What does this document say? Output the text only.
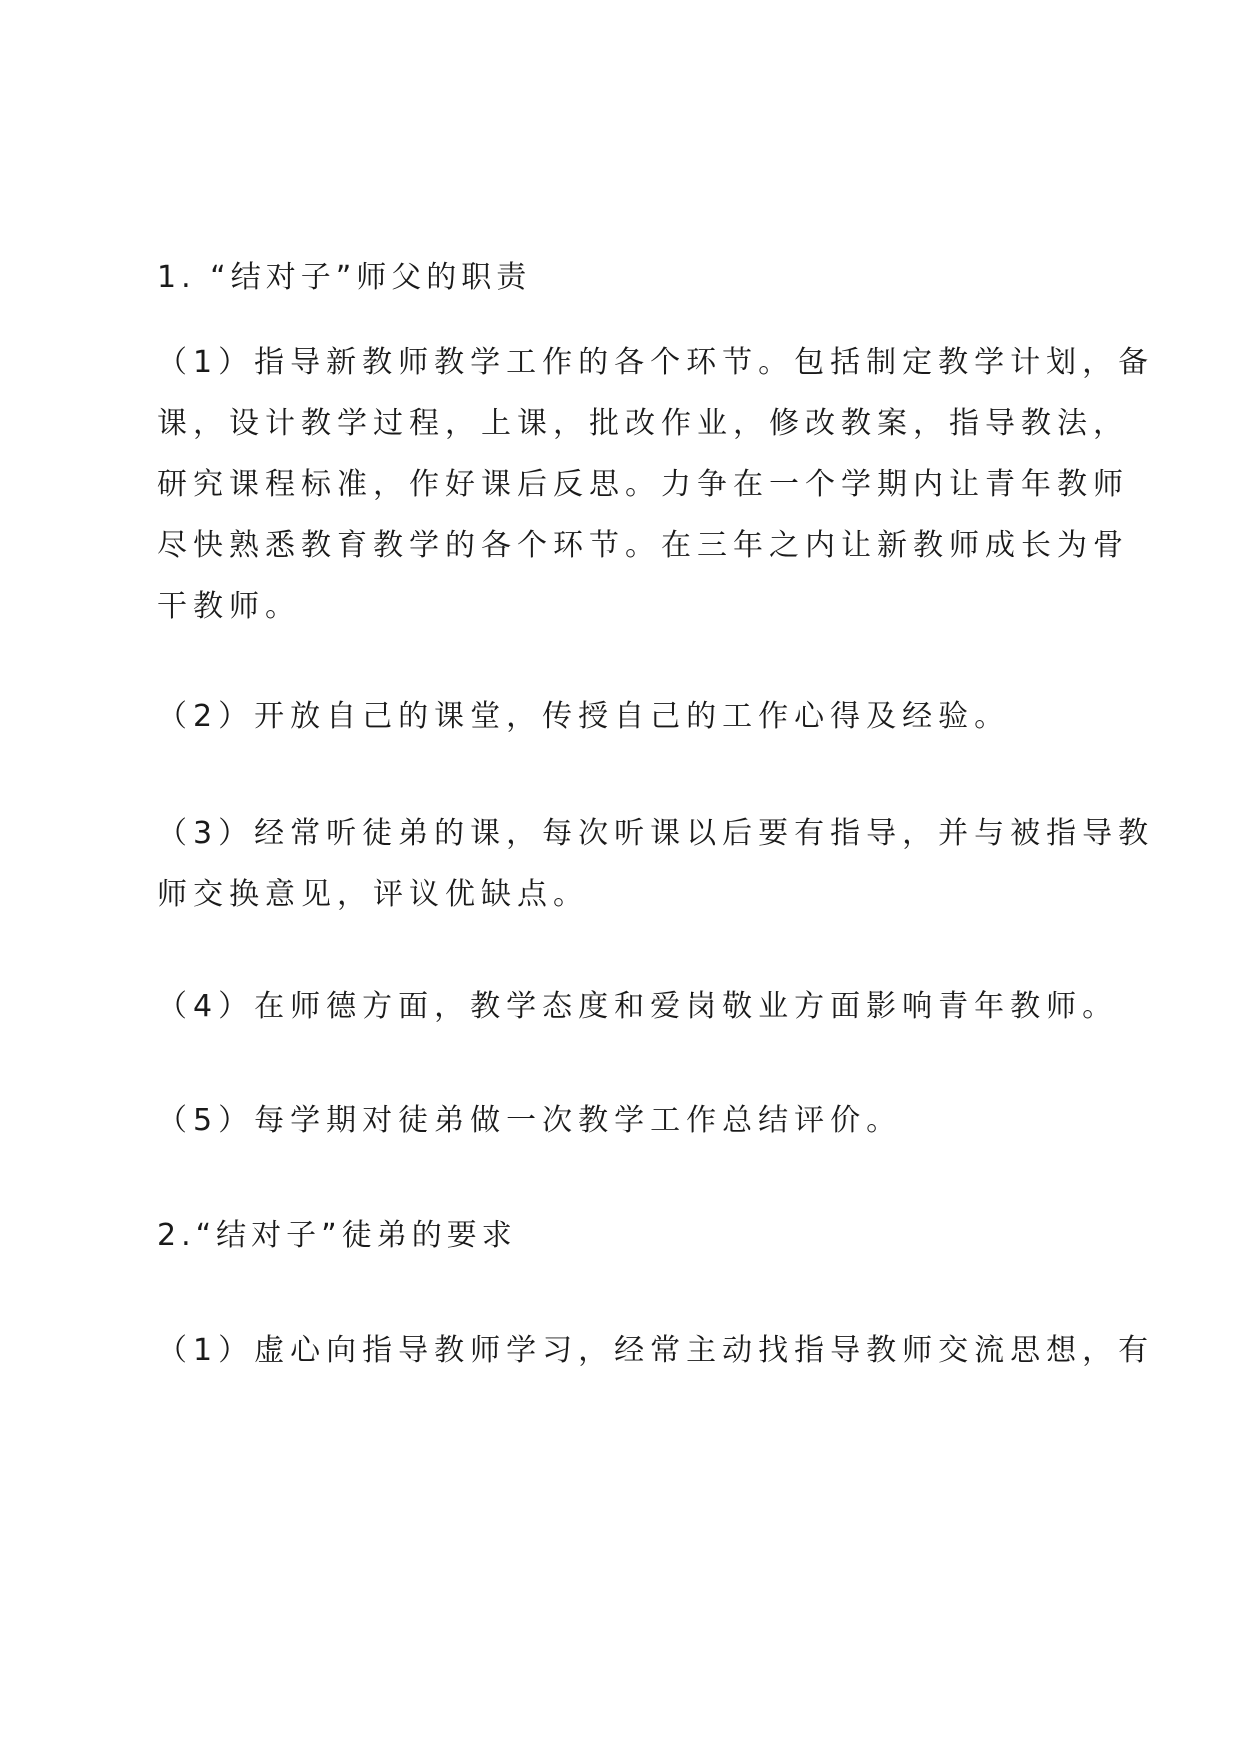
1. “结对子”师父的职责
（1）指导新教师教学工作的各个环节。包括制定教学计划，备
课，设计教学过程，上课，批改作业，修改教案，指导教法，
研究课程标准，作好课后反思。力争在一个学期内让青年教师
尽快熟悉教育教学的各个环节。在三年之内让新教师成长为骨
干教师。
（2）开放自己的课堂，传授自己的工作心得及经验。
（3）经常听徒弟的课，每次听课以后要有指导，并与被指导教
师交换意见，评议优缺点。
（4）在师德方面，教学态度和爱岗敬业方面影响青年教师。
（5）每学期对徒弟做一次教学工作总结评价。
2.“结对子”徒弟的要求
（1）虚心向指导教师学习，经常主动找指导教师交流思想，有
